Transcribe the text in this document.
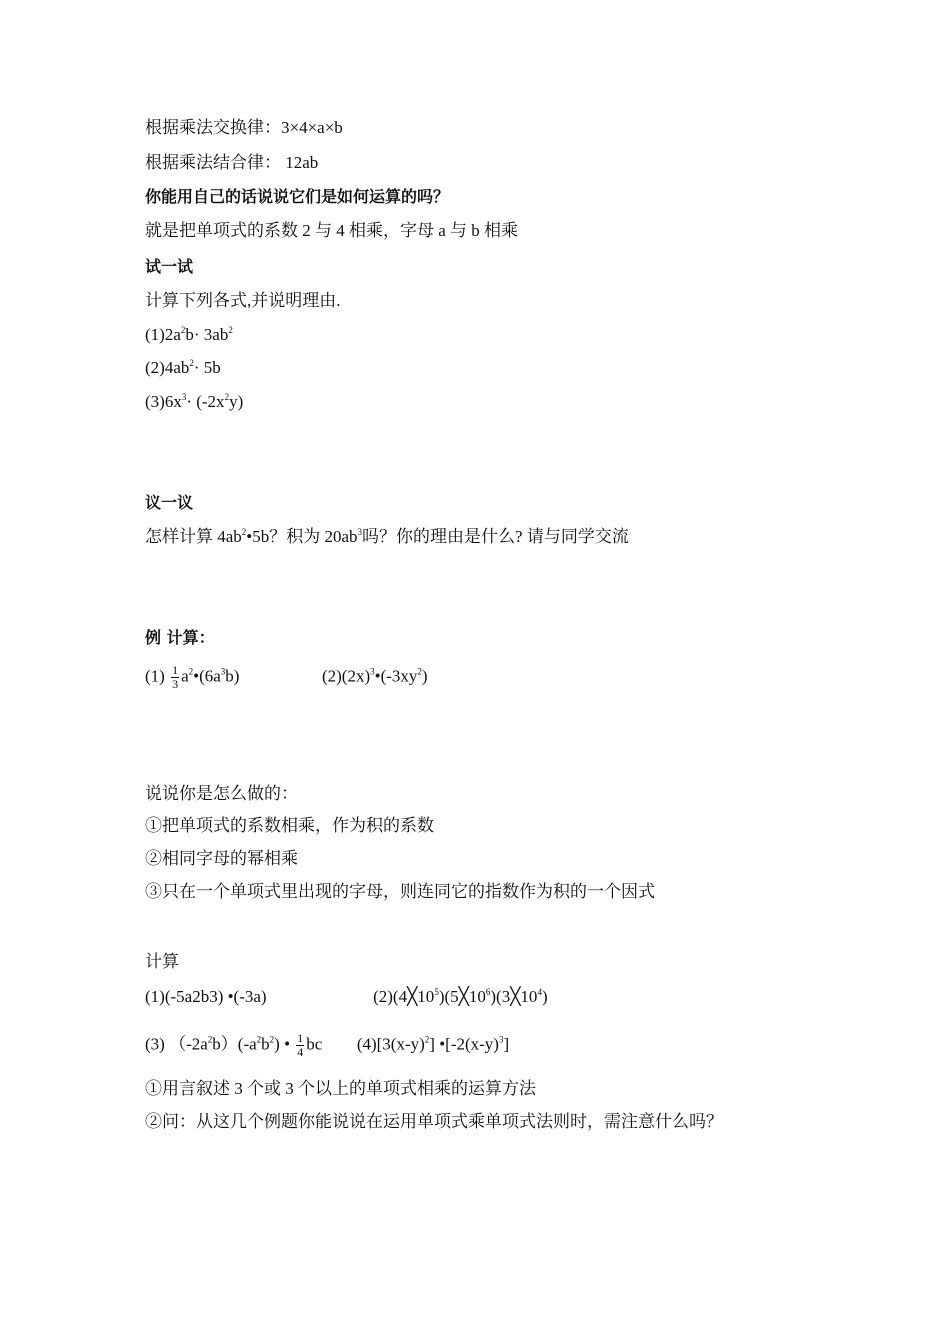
根据乘法交换律：3×4×a×b
根据乘法结合律： 12ab
你能用自己的话说说它们是如何运算的吗？
就是把单项式的系数 2 与 4 相乘，字母 a 与 b 相乘
试一试
计算下列各式,并说明理由.
$(1)2a^2b\cdot 3ab^2$
$(2)4ab^2\cdot 5b$
$(3)6x^3\cdot (-2x^2y)$
议一议
怎样计算 $4ab^2•5b$？积为 $20ab^3$吗？你的理由是什么? 请与同学交流
例 计算：
$(1) \frac{1}{3}$ $a^2•(6a^3b)$	$(2)(2x)^3•(-3xy^2)$
说说你是怎么做的：
①把单项式的系数相乘，作为积的系数
②相同字母的幂相乘
③只在一个单项式里出现的字母，则连同它的指数作为积的一个因式
计算
(1)(-5a2b3) •(-3a)	$(2)(4╳10^5)(5╳10^6)(3╳10^4)$
(3) $(-2a^2b)(-a^2b^2)$ • $\frac{1}{4}$ bc $(4)[3(x-y)^2]$ $•[-2(x-y)^3]$
①用言叙述 3 个或 3 个以上的单项式相乘的运算方法
②问：从这几个例题你能说说在运用单项式乘单项式法则时，需注意什么吗？
